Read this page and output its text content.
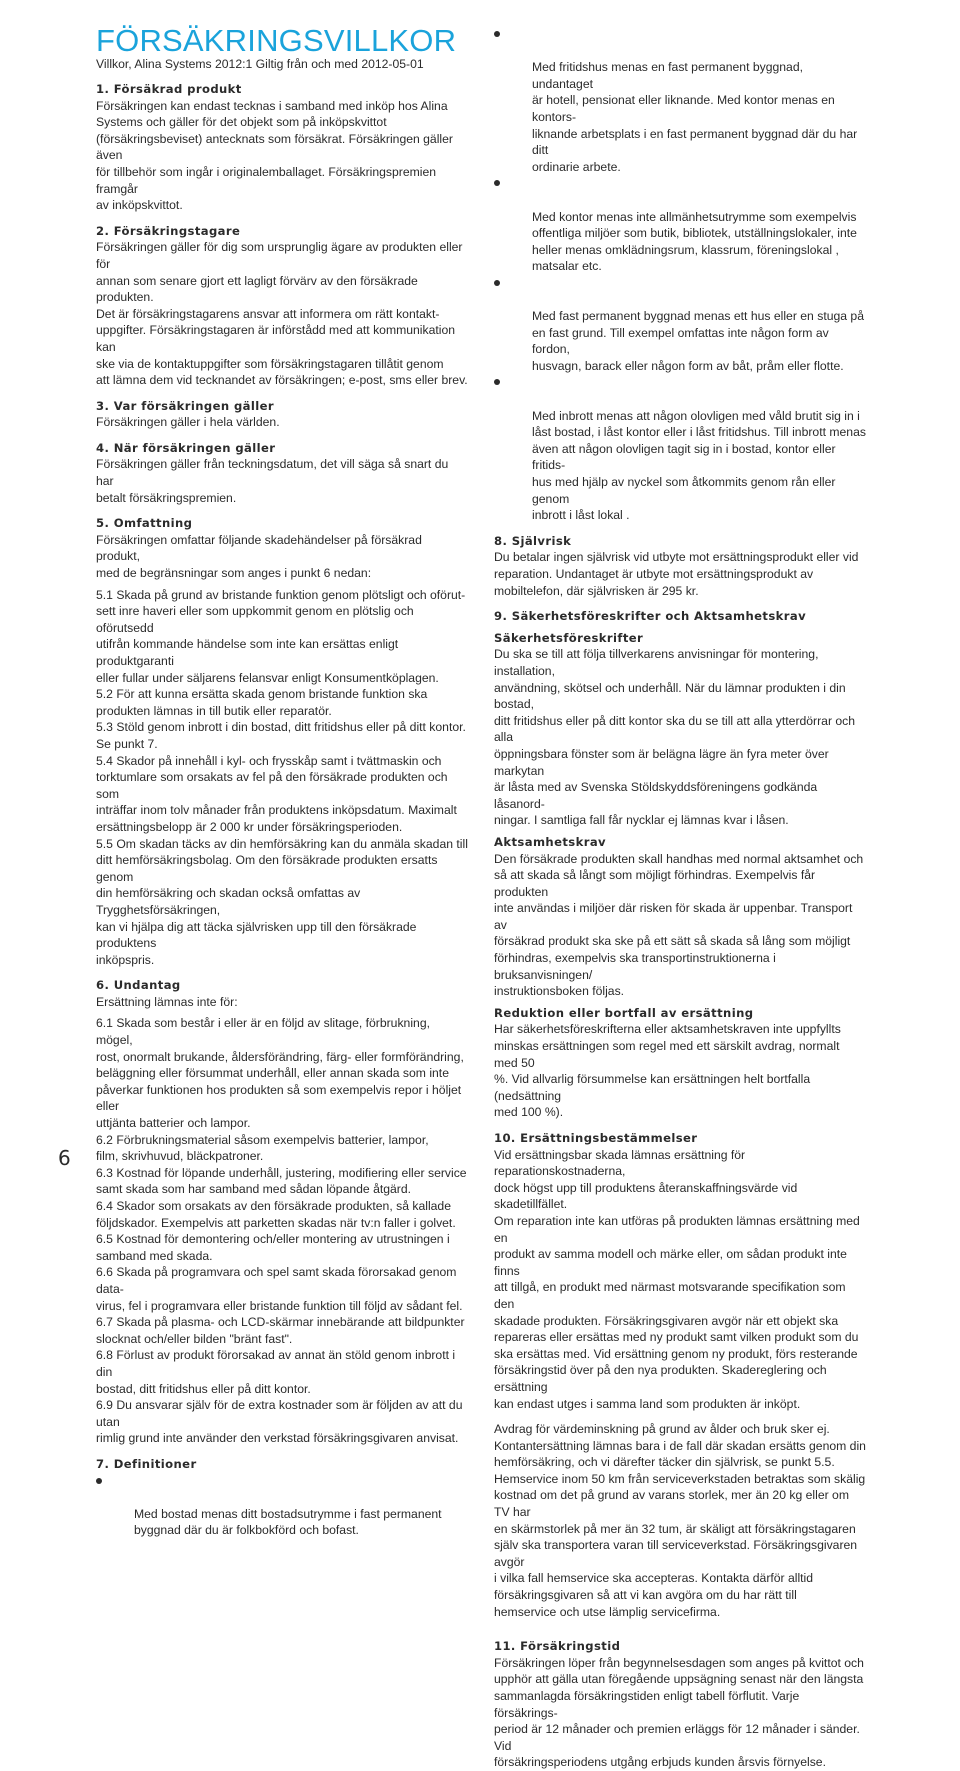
FÖRSÄKRINGSVILLKOR
Villkor, Alina Systems 2012:1 Giltig från och med 2012-05-01

1. Försäkrad produkt

Försäkringen kan endast tecknas i samband med inköp hos Alina
Systems och gäller för det objekt som på inköpskvittot
(försäkringsbeviset) antecknats som försäkrat. Försäkringen gäller även
för tillbehör som ingår i originalemballaget. Försäkringspremien framgår
av inköpskvittot.

2. Försäkringstagare

Försäkringen gäller för dig som ursprunglig ägare av produkten eller för
annan som senare gjort ett lagligt förvärv av den försäkrade produkten.
Det är försäkringstagarens ansvar att informera om rätt kontakt-
uppgifter. Försäkringstagaren är införstådd med att kommunikation kan
ske via de kontaktuppgifter som försäkringstagaren tillåtit genom
att lämna dem vid tecknandet av försäkringen; e-post, sms eller brev.

3. Var försäkringen gäller

Försäkringen gäller i hela världen.

4. När försäkringen gäller

Försäkringen gäller från teckningsdatum, det vill säga så snart du har
betalt försäkringspremien.

5. Omfattning

Försäkringen omfattar följande skadehändelser på försäkrad produkt,
med de begränsningar som anges i punkt 6 nedan:

5.1 Skada på grund av bristande funktion genom plötsligt och oförut-
sett inre haveri eller som uppkommit genom en plötslig och oförutsedd
utifrån kommande händelse som inte kan ersättas enligt produktgaranti
eller fullar under säljarens felansvar enligt Konsumentköplagen.

5.2 För att kunna ersätta skada genom bristande funktion ska
produkten lämnas in till butik eller reparatör.

5.3 Stöld genom inbrott i din bostad, ditt fritidshus eller på ditt kontor.
Se punkt 7.

5.4 Skador på innehåll i kyl- och frysskåp samt i tvättmaskin och
torktumlare som orsakats av fel på den försäkrade produkten och som
inträffar inom tolv månader från produktens inköpsdatum. Maximalt
ersättningsbelopp är 2 000 kr under försäkringsperioden.

5.5 Om skadan täcks av din hemförsäkring kan du anmäla skadan till
ditt hemförsäkringsbolag. Om den försäkrade produkten ersatts genom
din hemförsäkring och skadan också omfattas av Trygghetsförsäkringen,
kan vi hjälpa dig att täcka självrisken upp till den försäkrade produktens
inköpspris.

6. Undantag

Ersättning lämnas inte för:

6.1 Skada som består i eller är en följd av slitage, förbrukning, mögel,
rost, onormalt brukande, åldersförändring, färg- eller formförändring,
beläggning eller försummat underhåll, eller annan skada som inte
påverkar funktionen hos produkten så som exempelvis repor i höljet eller
uttjänta batterier och lampor.

6.2 Förbrukningsmaterial såsom exempelvis batterier, lampor,
film, skrivhuvud, bläckpatroner.

6.3 Kostnad för löpande underhåll, justering, modifiering eller service
samt skada som har samband med sådan löpande åtgärd.

6.4 Skador som orsakats av den försäkrade produkten, så kallade
följdskador. Exempelvis att parketten skadas när tv:n faller i golvet.

6.5 Kostnad för demontering och/eller montering av utrustningen i
samband med skada.

6.6 Skada på programvara och spel samt skada förorsakad genom data-
virus, fel i programvara eller bristande funktion till följd av sådant fel.

6.7 Skada på plasma- och LCD-skärmar innebärande att bildpunkter
slocknat och/eller bilden "bränt fast".

6.8 Förlust av produkt förorsakad av annat än stöld genom inbrott i din
bostad, ditt fritidshus eller på ditt kontor.

6.9 Du ansvarar själv för de extra kostnader som är följden av att du utan
rimlig grund inte använder den verkstad försäkringsgivaren anvisat.

7. Definitioner

Med bostad menas ditt bostadsutrymme i fast permanent
byggnad där du är folkbokförd och bofast.

Med fritidshus menas en fast permanent byggnad, undantaget
är hotell, pensionat eller liknande. Med kontor menas en kontors-
liknande arbetsplats i en fast permanent byggnad där du har ditt
ordinarie arbete.

Med kontor menas inte allmänhetsutrymme som exempelvis
offentliga miljöer som butik, bibliotek, utställningslokaler, inte
heller menas omklädningsrum, klassrum, föreningslokal ,
matsalar etc.

Med fast permanent byggnad menas ett hus eller en stuga på
en fast grund. Till exempel omfattas inte någon form av fordon,
husvagn, barack eller någon form av båt, pråm eller flotte.

Med inbrott menas att någon olovligen med våld brutit sig in i
låst bostad, i låst kontor eller i låst fritidshus. Till inbrott menas
även att någon olovligen tagit sig in i bostad, kontor eller fritids-
hus med hjälp av nyckel som åtkommits genom rån eller genom
inbrott i låst lokal .

8. Självrisk

Du betalar ingen självrisk vid utbyte mot ersättningsprodukt eller vid
reparation. Undantaget är utbyte mot ersättningsprodukt av
mobiltelefon, där självrisken är 295 kr.

9. Säkerhetsföreskrifter och Aktsamhetskrav

Säkerhetsföreskrifter

Du ska se till att följa tillverkarens anvisningar för montering, installation,
användning, skötsel och underhåll. När du lämnar produkten i din bostad,
ditt fritidshus eller på ditt kontor ska du se till att alla ytterdörrar och alla
öppningsbara fönster som är belägna lägre än fyra meter över markytan
är låsta med av Svenska Stöldskyddsföreningens godkända låsanord-
ningar. I samtliga fall får nycklar ej lämnas kvar i låsen.

Aktsamhetskrav

Den försäkrade produkten skall handhas med normal aktsamhet och
så att skada så långt som möjligt förhindras. Exempelvis får produkten
inte användas i miljöer där risken för skada är uppenbar. Transport av
försäkrad produkt ska ske på ett sätt så skada så lång som möjligt
förhindras, exempelvis ska transportinstruktionerna i bruksanvisningen/
instruktionsboken följas.

Reduktion eller bortfall av ersättning

Har säkerhetsföreskrifterna eller aktsamhetskraven inte uppfyllts
minskas ersättningen som regel med ett särskilt avdrag, normalt med 50
%. Vid allvarlig försummelse kan ersättningen helt bortfalla (nedsättning
med 100 %).

10. Ersättningsbestämmelser

Vid ersättningsbar skada lämnas ersättning för reparationskostnaderna,
dock högst upp till produktens återanskaffningsvärde vid skadetillfället.
Om reparation inte kan utföras på produkten lämnas ersättning med en
produkt av samma modell och märke eller, om sådan produkt inte finns
att tillgå, en produkt med närmast motsvarande specifikation som den
skadade produkten. Försäkringsgivaren avgör när ett objekt ska
repareras eller ersättas med ny produkt samt vilken produkt som du
ska ersättas med. Vid ersättning genom ny produkt, förs resterande
försäkringstid över på den nya produkten. Skadereglering och ersättning
kan endast utges i samma land som produkten är inköpt.

Avdrag för värdeminskning på grund av ålder och bruk sker ej.
Kontantersättning lämnas bara i de fall där skadan ersätts genom din
hemförsäkring, och vi därefter täcker din självrisk, se punkt 5.5.
Hemservice inom 50 km från serviceverkstaden betraktas som skälig
kostnad om det på grund av varans storlek, mer än 20 kg eller om TV har
en skärmstorlek på mer än 32 tum, är skäligt att försäkringstagaren
själv ska transportera varan till serviceverkstad. Försäkringsgivaren avgör
i vilka fall hemservice ska accepteras. Kontakta därför alltid
försäkringsgivaren så att vi kan avgöra om du har rätt till
hemservice och utse lämplig servicefirma.

11. Försäkringstid

Försäkringen löper från begynnelsesdagen som anges på kvittot och
upphör att gälla utan föregående uppsägning senast när den längsta
sammanlagda försäkringstiden enligt tabell förflutit. Varje försäkrings-
period är 12 månader och premien erläggs för 12 månader i sänder. Vid
försäkringsperiodens utgång erbjuds kunden årsvis förnyelse.

6
